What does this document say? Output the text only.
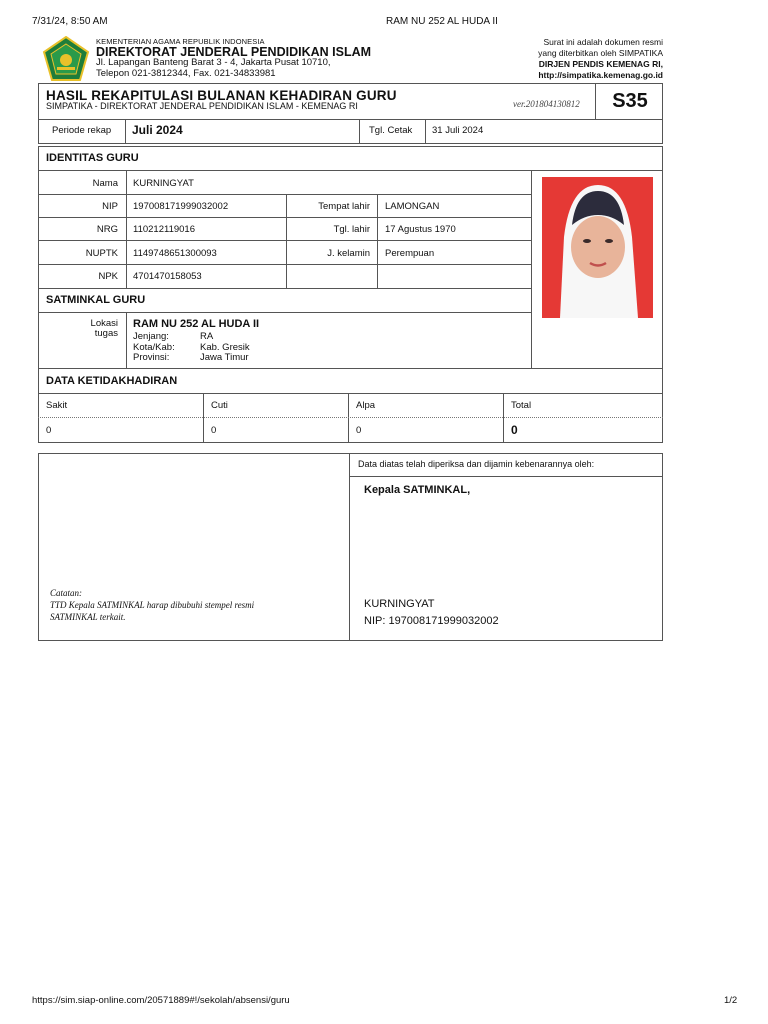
7/31/24, 8:50 AM	RAM NU 252 AL HUDA II
KEMENTERIAN AGAMA REPUBLIK INDONESIA
DIREKTORAT JENDERAL PENDIDIKAN ISLAM
Jl. Lapangan Banteng Barat 3 - 4, Jakarta Pusat 10710,
Telepon 021-3812344, Fax. 021-34833981
Surat ini adalah dokumen resmi
yang diterbitkan oleh SIMPATIKA
DIRJEN PENDIS KEMENAG RI,
http://simpatika.kemenag.go.id
HASIL REKAPITULASI BULANAN KEHADIRAN GURU
SIMPATIKA - DIREKTORAT JENDERAL PENDIDIKAN ISLAM - KEMENAG RI	ver.201804130812	S35
Periode rekap Juli 2024	Tgl. Cetak 31 Juli 2024
IDENTITAS GURU
Nama KURNINGYAT
NIP 197008171999032002	Tempat lahir LAMONGAN
NRG 110212119016	Tgl. lahir 17 Agustus 1970
NUPTK 1149748651300093	J. kelamin Perempuan
NPK 4701470158053
SATMINKAL GURU
Lokasi
tugas
RAM NU 252 AL HUDA II
Jenjang:	RA
Kota/Kab:	Kab. Gresik
Provinsi:	Jawa Timur
DATA KETIDAKHADIRAN
Sakit	Cuti	Alpa	Total
0	0	0	0
Data diatas telah diperiksa dan dijamin kebenarannya oleh:
Kepala SATMINKAL,
KURNINGYAT
NIP: 197008171999032002
Catatan:
TTD Kepala SATMINKAL harap dibubuhi stempel resmi
SATMINKAL terkait.
https://sim.siap-online.com/20571889#!/sekolah/absensi/guru	1/2
